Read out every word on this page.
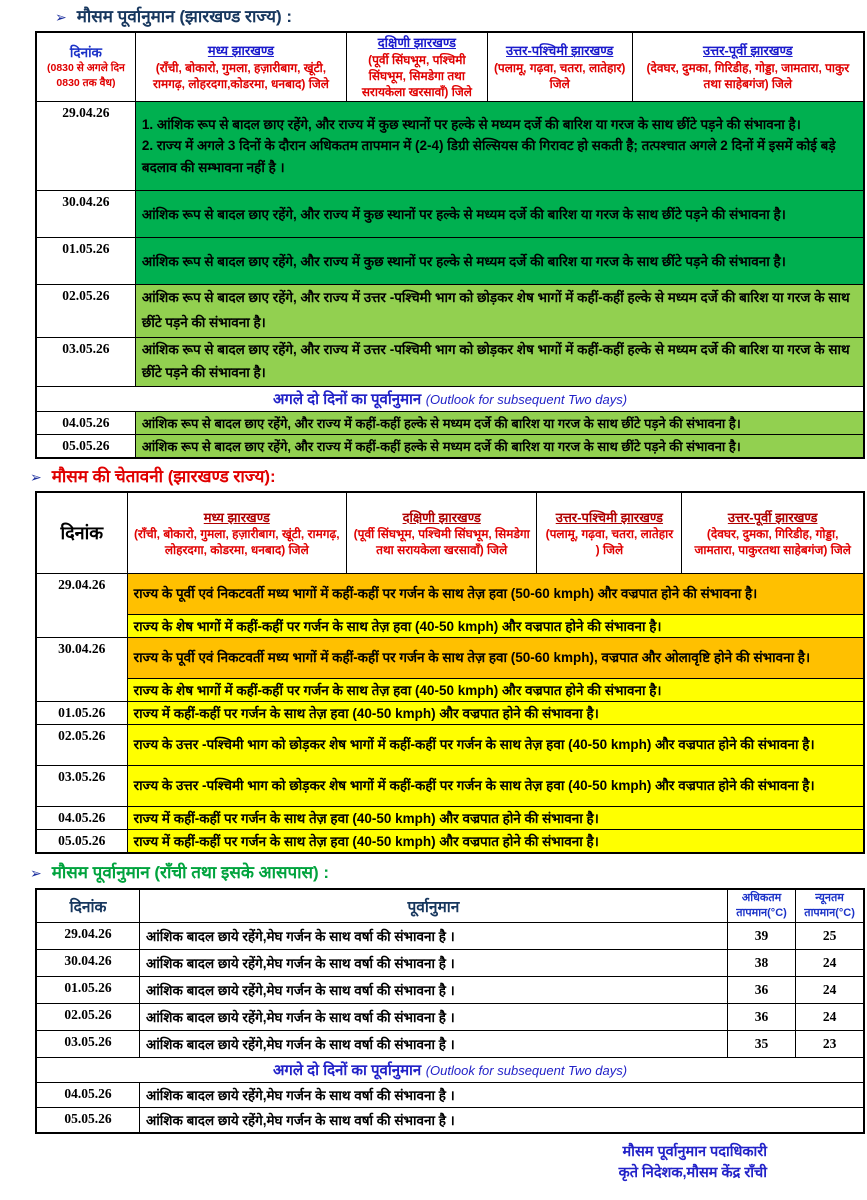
➢ मौसम पूर्वानुमान (झारखण्ड राज्य) :
दिनांक
(0830 से अगले दिन
0830 तक वैध)	मध्य झारखण्ड
(राँची, बोकारो, गुमला, हज़ारीबाग, खूंटी, रामगढ़, लोहरदगा,कोडरमा, धनबाद) जिले	दक्षिणी झारखण्ड
(पूर्वी सिंघभूम, पश्चिमी सिंघभूम, सिमडेगा तथा सरायकेला खरसावाँ) जिले	उत्तर-पश्चिमी झारखण्ड
(पलामू, गढ़वा, चतरा, लातेहार) जिले	उत्तर-पूर्वी झारखण्ड
(देवघर, दुमका, गिरिडीह, गोड्डा, जामतारा, पाकुर तथा साहेबगंज) जिले

29.04.26	1. आंशिक रूप से बादल छाए रहेंगे, और राज्य में कुछ स्थानों पर हल्के से मध्यम दर्जे की बारिश या गरज के साथ छींटे पड़ने की संभावना है।
2. राज्य में अगले 3 दिनों के दौरान अधिकतम तापमान में (2-4) डिग्री सेल्सियस की गिरावट हो सकती है; तत्पश्चात अगले 2 दिनों में इसमें कोई बड़े बदलाव की सम्भावना नहीं है ।			

30.04.26	आंशिक रूप से बादल छाए रहेंगे, और राज्य में कुछ स्थानों पर हल्के से मध्यम दर्जे की बारिश या गरज के साथ छींटे पड़ने की संभावना है।			
01.05.26	आंशिक रूप से बादल छाए रहेंगे, और राज्य में कुछ स्थानों पर हल्के से मध्यम दर्जे की बारिश या गरज के साथ छींटे पड़ने की संभावना है।			
02.05.26	आंशिक रूप से बादल छाए रहेंगे, और राज्य में उत्तर -पश्चिमी भाग को छोड़कर शेष भागों में कहीं-कहीं हल्के से मध्यम दर्जे की बारिश या गरज के साथ छींटे पड़ने की संभावना है।			
03.05.26	आंशिक रूप से बादल छाए रहेंगे, और राज्य में उत्तर -पश्चिमी भाग को छोड़कर शेष भागों में कहीं-कहीं हल्के से मध्यम दर्जे की बारिश या गरज के साथ छींटे पड़ने की संभावना है।			
अगले दो दिनों का पूर्वानुमान (Outlook for subsequent Two days)				
04.05.26	आंशिक रूप से बादल छाए रहेंगे, और राज्य में कहीं-कहीं हल्के से मध्यम दर्जे की बारिश या गरज के साथ छींटे पड़ने की संभावना है।			
05.05.26	आंशिक रूप से बादल छाए रहेंगे, और राज्य में कहीं-कहीं हल्के से मध्यम दर्जे की बारिश या गरज के साथ छींटे पड़ने की संभावना है।			
➢ मौसम की चेतावनी (झारखण्ड राज्य):
दिनांक	मध्य झारखण्ड
(राँची, बोकारो, गुमला, हज़ारीबाग, खूंटी, रामगढ़, लोहरदगा, कोडरमा, धनबाद) जिले	दक्षिणी झारखण्ड
(पूर्वी सिंघभूम, पश्चिमी सिंघभूम, सिमडेगा तथा सरायकेला खरसावाँ) जिले	उत्तर-पश्चिमी झारखण्ड
(पलामू, गढ़वा, चतरा, लातेहार ) जिले	उत्तर-पूर्वी झारखण्ड
(देवघर, दुमका, गिरिडीह, गोड्डा, जामतारा, पाकुरतथा साहेबगंज) जिले

29.04.26	राज्य के पूर्वी एवं निकटवर्ती मध्य भागों में कहीं-कहीं पर गर्जन के साथ तेज़ हवा (50-60 kmph) और वज्रपात होने की संभावना है।			
	राज्य के शेष भागों में कहीं-कहीं पर गर्जन के साथ तेज़ हवा (40-50 kmph) और वज्रपात होने की संभावना है।			
30.04.26	राज्य के पूर्वी एवं निकटवर्ती मध्य भागों में कहीं-कहीं पर गर्जन के साथ तेज़ हवा (50-60 kmph), वज्रपात और ओलावृष्टि होने की संभावना है।			
	राज्य के शेष भागों में कहीं-कहीं पर गर्जन के साथ तेज़ हवा (40-50 kmph) और वज्रपात होने की संभावना है।			
01.05.26	राज्य में कहीं-कहीं पर गर्जन के साथ तेज़ हवा (40-50 kmph) और वज्रपात होने की संभावना है।			
02.05.26	राज्य के उत्तर -पश्चिमी भाग को छोड़कर शेष भागों में कहीं-कहीं पर गर्जन के साथ तेज़ हवा (40-50 kmph) और वज्रपात होने की संभावना है।			
03.05.26	राज्य के उत्तर -पश्चिमी भाग को छोड़कर शेष भागों में कहीं-कहीं पर गर्जन के साथ तेज़ हवा (40-50 kmph) और वज्रपात होने की संभावना है।			
04.05.26	राज्य में कहीं-कहीं पर गर्जन के साथ तेज़ हवा (40-50 kmph) और वज्रपात होने की संभावना है।			
05.05.26	राज्य में कहीं-कहीं पर गर्जन के साथ तेज़ हवा (40-50 kmph) और वज्रपात होने की संभावना है।			
➢ मौसम पूर्वानुमान (राँची तथा इसके आसपास) :
दिनांक	पूर्वानुमान	अधिकतम
तापमान(°C)	न्यूनतम
तापमान(°C)
29.04.26	आंशिक बादल छाये रहेंगे,मेघ गर्जन के साथ वर्षा की संभावना है ।	39	25
30.04.26	आंशिक बादल छाये रहेंगे,मेघ गर्जन के साथ वर्षा की संभावना है ।	38	24
01.05.26	आंशिक बादल छाये रहेंगे,मेघ गर्जन के साथ वर्षा की संभावना है ।	36	24
02.05.26	आंशिक बादल छाये रहेंगे,मेघ गर्जन के साथ वर्षा की संभावना है ।	36	24
03.05.26	आंशिक बादल छाये रहेंगे,मेघ गर्जन के साथ वर्षा की संभावना है ।	35	23
अगले दो दिनों का पूर्वानुमान (Outlook for subsequent Two days)			
04.05.26	आंशिक बादल छाये रहेंगे,मेघ गर्जन के साथ वर्षा की संभावना है ।		
05.05.26	आंशिक बादल छाये रहेंगे,मेघ गर्जन के साथ वर्षा की संभावना है ।		
मौसम पूर्वानुमान पदाधिकारी
कृते निदेशक,मौसम केंद्र राँची
